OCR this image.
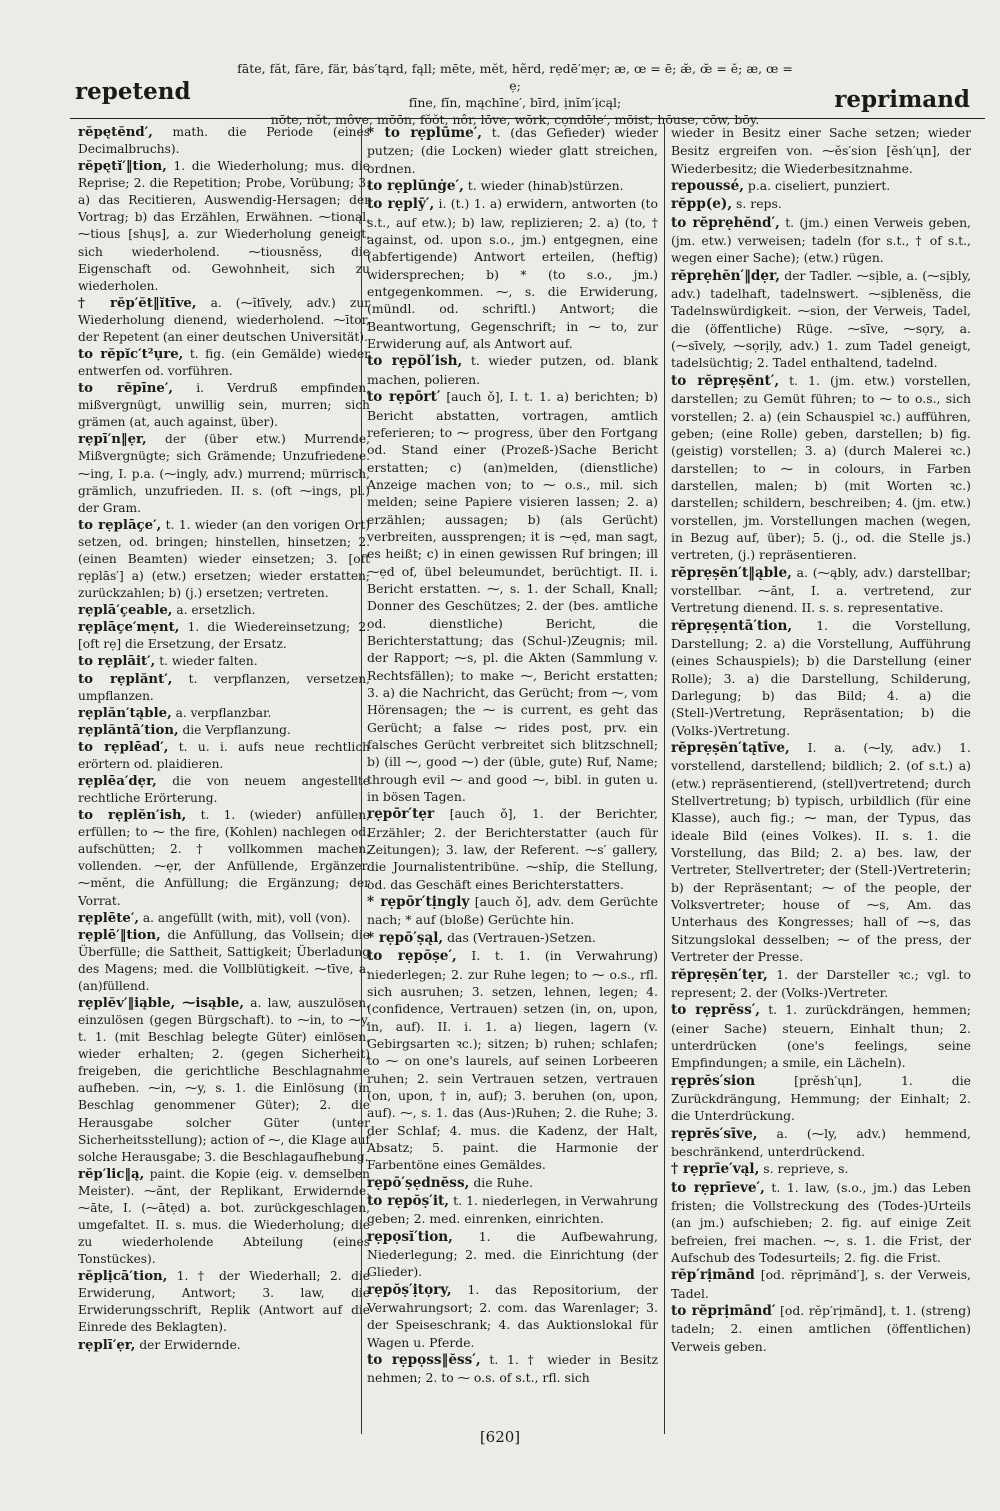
repetend
fāte, făt, fāre, fär, bȧs′tąrd, fąll; mēte, mĕt, hẽrd, rẹdē′mẹr; æ, œ = ē; æ̆, œ̆ = ĕ; æ, œ = ẹ;
fīne, fĭn, mąchīne′, bīrd, ịnĭm′ịcąl;
nōte, nŏt, môve, mōōn, fŏŏt, nôr, lōve, wōrk, cọndōle′, mōist, hōuse, cōw, bōy.
reprimand

rĕpętĕnd′, math. die Periode (eines Decimalbruchs).

rĕpętĭ′‖tion, 1. die Wiederholung; mus. die Reprise; 2. die Repetition; Probe, Vorübung; 3. a) das Recitieren, Auswendig-Hersagen; der Vortrag; b) das Erzählen, Erwähnen. ⁓tionąl, ⁓tious [shųs], a. zur Wiederholung geneigt, sich wiederholend. ⁓tiousnĕss, die Eigenschaft od. Gewohnheit, sich zu wiederholen.

† rĕp′ĕt‖ĭtīve, a. (⁓ĭtīvely, adv.) zur Wiederholung dienend, wiederholend. ⁓ītor, der Repetent (an einer deutschen Universität).

to rĕpĭc′t²ụre, t. fig. (ein Gemälde) wieder entwerfen od. vorführen.

to rĕpīne′, i. Verdruß empfinden, mißvergnügt, unwillig sein, murren; sich grämen (at, auch against, über).

rẹpī′n‖ẹr, der (über etw.) Murrende, Mißvergnügte; sich Grämende; Unzufriedene. ⁓ing, I. p.a. (⁓ingly, adv.) murrend; mürrisch, grämlich, unzufrieden. II. s. (oft ⁓ings, pl.) der Gram.

to rẹplāçe′, t. 1. wieder (an den vorigen Ort) setzen, od. bringen; hinstellen, hinsetzen; 2. (einen Beamten) wieder einsetzen; 3. [oft rẹplās′] a) (etw.) ersetzen; wieder erstatten; zurückzahlen; b) (j.) ersetzen; vertreten.

rẹplā′çeable, a. ersetzlich.

rẹplāçe′mẹnt, 1. die Wiedereinsetzung; 2. [oft rẹ] die Ersetzung, der Ersatz.

to rẹplāit′, t. wieder falten.

to rẹplănt′, t. verpflanzen, versetzen, umpflanzen.

rẹplăn′tąble, a. verpflanzbar.

rẹplăntā′tion, die Verpflanzung.

to rẹplēad′, t. u. i. aufs neue rechtlich erörtern od. plaidieren.

rẹplēa′dẹr, die von neuem angestellte rechtliche Erörterung.

to rẹplĕn′ish, t. 1. (wieder) anfüllen, erfüllen; to ⁓ the fire, (Kohlen) nachlegen od. aufschütten; 2. † vollkommen machen, vollenden. ⁓ẹr, der Anfüllende, Ergänzer. ⁓mĕnt, die Anfüllung; die Ergänzung; der Vorrat.

rẹplēte′, a. angefüllt (with, mit), voll (von).

rẹplē′‖tion, die Anfüllung, das Vollsein; die Überfülle; die Sattheit, Sattigkeit; Überladung des Magens; med. die Vollblütigkeit. ⁓tīve, a. (an)füllend.

rẹplĕv′‖iąble, ⁓isąble, a. law, auszulösen, einzulösen (gegen Bürgschaft). to ⁓in, to ⁓y, t. 1. (mit Beschlag belegte Güter) einlösen, wieder erhalten; 2. (gegen Sicherheit) freigeben, die gerichtliche Beschlagnahme aufheben. ⁓in, ⁓y, s. 1. die Einlösung (in Beschlag genommener Güter); 2. die Herausgabe solcher Güter (unter Sicherheitsstellung); action of ⁓, die Klage auf solche Herausgabe; 3. die Beschlagaufhebung.

rĕp′lic‖ą, paint. die Kopie (eig. v. demselben Meister). ⁓ănt, der Replikant, Erwidernde. ⁓āte, I. (⁓ātẹd) a. bot. zurückgeschlagen, umgefaltet. II. s. mus. die Wiederholung; die zu wiederholende Abteilung (eines Tonstückes).

rĕplịcā′tion, 1. † der Wiederhall; 2. die Erwiderung, Antwort; 3. law, die Erwiderungsschrift, Replik (Antwort auf die Einrede des Beklagten).

rẹplī′ẹr, der Erwidernde.

* to rẹplūme′, t. (das Gefieder) wieder putzen; (die Locken) wieder glatt streichen, ordnen.

to rẹplŭnġe′, t. wieder (hinab)stürzen.

to rẹplȳ′, i. (t.) 1. a) erwidern, antworten (to s.t., auf etw.); b) law, replizieren; 2. a) (to, † against, od. upon s.o., jm.) entgegnen, eine (abfertigende) Antwort erteilen, (heftig) widersprechen; b) * (to s.o., jm.) entgegenkommen. ⁓, s. die Erwiderung, (mündl. od. schriftl.) Antwort; die Beantwortung, Gegenschrift; in ⁓ to, zur Erwiderung auf, als Antwort auf.

to rẹpŏl′ish, t. wieder putzen, od. blank machen, polieren.

to rẹpōrt′ [auch ǒ], I. t. 1. a) berichten; b) Bericht abstatten, vortragen, amtlich referieren; to ⁓ progress, über den Fortgang od. Stand einer (Prozeß-)Sache Bericht erstatten; c) (an)melden, (dienstliche) Anzeige machen von; to ⁓ o.s., mil. sich melden; seine Papiere visieren lassen; 2. a) erzählen; aussagen; b) (als Gerücht) verbreiten, aussprengen; it is ⁓ẹd, man sagt, es heißt; c) in einen gewissen Ruf bringen; ill ⁓ẹd of, übel beleumundet, berüchtigt. II. i. Bericht erstatten. ⁓, s. 1. der Schall, Knall; Donner des Geschützes; 2. der (bes. amtliche od. dienstliche) Bericht, die Berichterstattung; das (Schul-)Zeugnis; mil. der Rapport; ⁓s, pl. die Akten (Sammlung v. Rechtsfällen); to make ⁓, Bericht erstatten; 3. a) die Nachricht, das Gerücht; from ⁓, vom Hörensagen; the ⁓ is current, es geht das Gerücht; a false ⁓ rides post, prv. ein falsches Gerücht verbreitet sich blitzschnell; b) (ill ⁓, good ⁓) der (üble, gute) Ruf, Name; through evil ⁓ and good ⁓, bibl. in guten u. in bösen Tagen.

rẹpōr′tẹr [auch ǒ], 1. der Berichter, Erzähler; 2. der Berichterstatter (auch für Zeitungen); 3. law, der Referent. ⁓s′ gallery, die Journalistentribüne. ⁓shĭp, die Stellung, od. das Geschäft eines Berichterstatters.

* rẹpōr′tịngly [auch ǒ], adv. dem Gerüchte nach; * auf (bloße) Gerüchte hin.

* rẹpō′ṣąl, das (Vertrauen-)Setzen.

to rẹpōṣe′, I. t. 1. (in Verwahrung) niederlegen; 2. zur Ruhe legen; to ⁓ o.s., rfl. sich ausruhen; 3. setzen, lehnen, legen; 4. (confidence, Vertrauen) setzen (in, on, upon, in, auf). II. i. 1. a) liegen, lagern (v. Gebirgsarten ꝛc.); sitzen; b) ruhen; schlafen; to ⁓ on one's laurels, auf seinen Lorbeeren ruhen; 2. sein Vertrauen setzen, vertrauen (on, upon, † in, auf); 3. beruhen (on, upon, auf). ⁓, s. 1. das (Aus-)Ruhen; 2. die Ruhe; 3. der Schlaf; 4. mus. die Kadenz, der Halt, Absatz; 5. paint. die Harmonie der Farbentöne eines Gemäldes.

rẹpō′ṣẹdnĕss, die Ruhe.

to rẹpŏṣ′it, t. 1. niederlegen, in Verwahrung geben; 2. med. einrenken, einrichten.

rẹpọsĭ′tion, 1. die Aufbewahrung, Niederlegung; 2. med. die Einrichtung (der Glieder).

rẹpŏṣ′ịtọry, 1. das Repositorium, der Verwahrungsort; 2. com. das Warenlager; 3. der Speiseschrank; 4. das Auktionslokal für Wagen u. Pferde.

to rẹpọss‖ĕss′, t. 1. † wieder in Besitz nehmen; 2. to ⁓ o.s. of s.t., rfl. sich

wieder in Besitz einer Sache setzen; wieder Besitz ergreifen von. ⁓ĕs′sion [ĕsh′ųn], der Wiederbesitz; die Wiederbesitznahme.

repoussé, p.a. ciseliert, punziert.

rĕpp(e), s. reps.

to rĕprẹhĕnd′, t. (jm.) einen Verweis geben, (jm. etw.) verweisen; tadeln (for s.t., † of s.t., wegen einer Sache); (etw.) rügen.

rĕprẹhĕn′‖dẹr, der Tadler. ⁓sịble, a. (⁓sịbly, adv.) tadelhaft, tadelnswert. ⁓sịblenĕss, die Tadelnswürdigkeit. ⁓sion, der Verweis, Tadel, die (öffentliche) Rüge. ⁓sīve, ⁓sọry, a. (⁓sīvely, ⁓sọrịly, adv.) 1. zum Tadel geneigt, tadelsüchtig; 2. Tadel enthaltend, tadelnd.

to rĕprẹṣĕnt′, t. 1. (jm. etw.) vorstellen, darstellen; zu Gemüt führen; to ⁓ to o.s., sich vorstellen; 2. a) (ein Schauspiel ꝛc.) aufführen, geben; (eine Rolle) geben, darstellen; b) fig. (geistig) vorstellen; 3. a) (durch Malerei ꝛc.) darstellen; to ⁓ in colours, in Farben darstellen, malen; b) (mit Worten ꝛc.) darstellen; schildern, beschreiben; 4. (jm. etw.) vorstellen, jm. Vorstellungen machen (wegen, in Bezug auf, über); 5. (j., od. die Stelle js.) vertreten, (j.) repräsentieren.

rĕprẹṣĕn′t‖ąble, a. (⁓ąbly, adv.) darstellbar; vorstellbar. ⁓ănt, I. a. vertretend, zur Vertretung dienend. II. s. s. representative.

rĕprẹṣẹntā′tion, 1. die Vorstellung, Darstellung; 2. a) die Vorstellung, Aufführung (eines Schauspiels); b) die Darstellung (einer Rolle); 3. a) die Darstellung, Schilderung, Darlegung; b) das Bild; 4. a) die (Stell-)Vertretung, Repräsentation; b) die (Volks-)Vertretung.

rĕprẹṣĕn′tątīve, I. a. (⁓ly, adv.) 1. vorstellend, darstellend; bildlich; 2. (of s.t.) a) (etw.) repräsentierend, (stell)vertretend; durch Stellvertretung; b) typisch, urbildlich (für eine Klasse), auch fig.; ⁓ man, der Typus, das ideale Bild (eines Volkes). II. s. 1. die Vorstellung, das Bild; 2. a) bes. law, der Vertreter, Stellvertreter; der (Stell-)Vertreterin; b) der Repräsentant; ⁓ of the people, der Volksvertreter; house of ⁓s, Am. das Unterhaus des Kongresses; hall of ⁓s, das Sitzungslokal desselben; ⁓ of the press, der Vertreter der Presse.

rĕprẹṣĕn′tẹr, 1. der Darsteller ꝛc.; vgl. to represent; 2. der (Volks-)Vertreter.

to rẹprĕss′, t. 1. zurückdrängen, hemmen; (einer Sache) steuern, Einhalt thun; 2. unterdrücken (one's feelings, seine Empfindungen; a smile, ein Lächeln).

rẹprĕs′sion	[prĕsh′ųn], 1. die Zurückdrängung, Hemmung; der Einhalt; 2. die Unterdrückung.

rẹprĕs′sīve, a. (⁓ly, adv.) hemmend, beschränkend, unterdrückend.

† rẹprīe′vąl, s. reprieve, s.

to rẹprīeve′, t. 1. law, (s.o., jm.) das Leben fristen; die Vollstreckung des (Todes-)Urteils (an jm.) aufschieben; 2. fig. auf einige Zeit befreien, frei machen. ⁓, s. 1. die Frist, der Aufschub des Todesurteils; 2. fig. die Frist.

rĕp′rịmānd [od. rĕprịmănd′], s. der Verweis, Tadel.

to rĕprịmānd′ [od. rĕp′rịmănd], t. 1. (streng) tadeln; 2. einen amtlichen (öffentlichen) Verweis geben.

[620]
